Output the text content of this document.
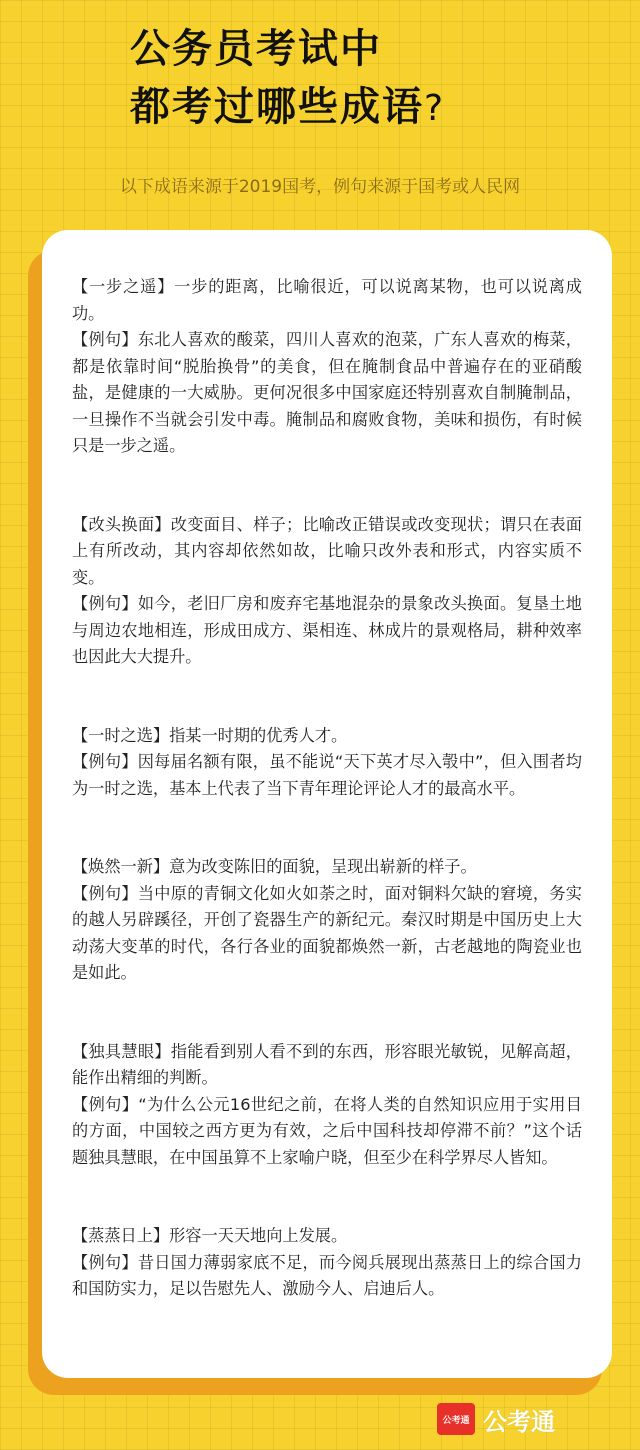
公务员考试中
都考过哪些成语?
以下成语来源于2019国考，例句来源于国考或人民网

【一步之遥】一步的距离，比喻很近，可以说离某物，也可以说离成功。

【例句】东北人喜欢的酸菜，四川人喜欢的泡菜，广东人喜欢的梅菜，都是依靠时间“脱胎换骨”的美食，但在腌制食品中普遍存在的亚硝酸盐，是健康的一大威胁。更何况很多中国家庭还特别喜欢自制腌制品，一旦操作不当就会引发中毒。腌制品和腐败食物，美味和损伤，有时候只是一步之遥。

【改头换面】改变面目、样子；比喻改正错误或改变现状；谓只在表面上有所改动，其内容却依然如故，比喻只改外表和形式，内容实质不变。

【例句】如今，老旧厂房和废弃宅基地混杂的景象改头换面。复垦土地与周边农地相连，形成田成方、渠相连、林成片的景观格局，耕种效率也因此大大提升。

【一时之选】指某一时期的优秀人才。

【例句】因每届名额有限，虽不能说“天下英才尽入彀中”，但入围者均为一时之选，基本上代表了当下青年理论评论人才的最高水平。

【焕然一新】意为改变陈旧的面貌，呈现出崭新的样子。

【例句】当中原的青铜文化如火如荼之时，面对铜料欠缺的窘境，务实的越人另辟蹊径，开创了瓷器生产的新纪元。秦汉时期是中国历史上大动荡大变革的时代，各行各业的面貌都焕然一新，古老越地的陶瓷业也是如此。

【独具慧眼】指能看到别人看不到的东西，形容眼光敏锐，见解高超，能作出精细的判断。

【例句】“为什么公元16世纪之前，在将人类的自然知识应用于实用目的方面，中国较之西方更为有效，之后中国科技却停滞不前？”这个话题独具慧眼，在中国虽算不上家喻户晓，但至少在科学界尽人皆知。

【蒸蒸日上】形容一天天地向上发展。

【例句】昔日国力薄弱家底不足，而今阅兵展现出蒸蒸日上的综合国力和国防实力，足以告慰先人、激励今人、启迪后人。

公考通 公考通
